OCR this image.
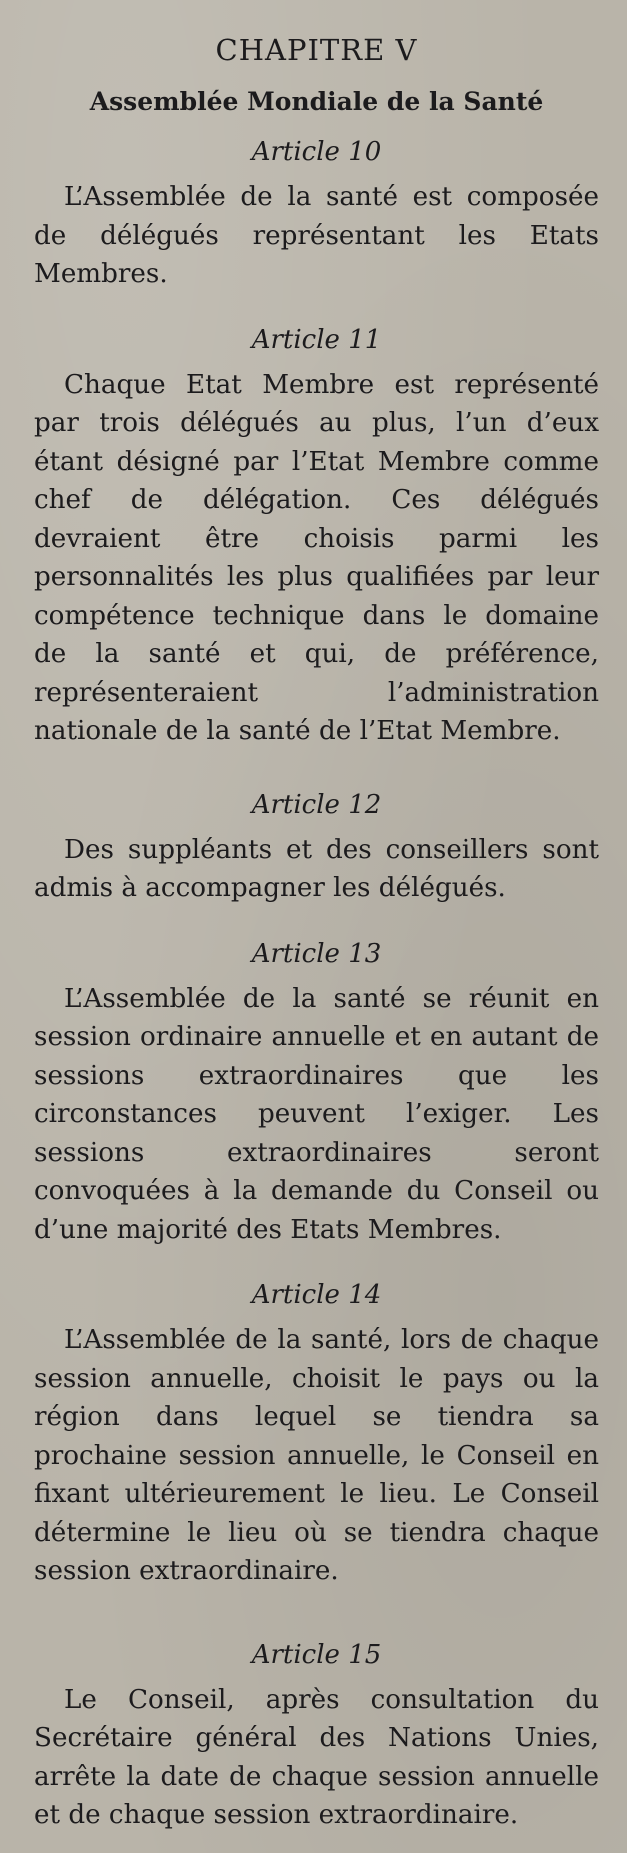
CHAPITRE V
Assemblée Mondiale de la Santé
Article 10

L’Assemblée de la santé est composée de délégués représentant les Etats Membres.

Article 11

Chaque Etat Membre est représenté par trois délégués au plus, l’un d’eux étant désigné par l’Etat Membre comme chef de délégation. Ces délégués devraient être choisis parmi les personnalités les plus qualifiées par leur compétence technique dans le domaine de la santé et qui, de préférence, représenteraient l’administration nationale de la santé de l’Etat Membre.

Article 12

Des suppléants et des conseillers sont admis à accompagner les délégués.

Article 13

L’Assemblée de la santé se réunit en session ordinaire annuelle et en autant de sessions extraordinaires que les circonstances peuvent l’exiger. Les sessions extraordinaires seront convoquées à la demande du Conseil ou d’une majorité des Etats Membres.

Article 14

L’Assemblée de la santé, lors de chaque session annuelle, choisit le pays ou la région dans lequel se tiendra sa prochaine session annuelle, le Conseil en fixant ultérieurement le lieu. Le Conseil détermine le lieu où se tiendra chaque session extraordinaire.

Article 15

Le Conseil, après consultation du Secrétaire général des Nations Unies, arrête la date de chaque session annuelle et de chaque session extraordinaire.
